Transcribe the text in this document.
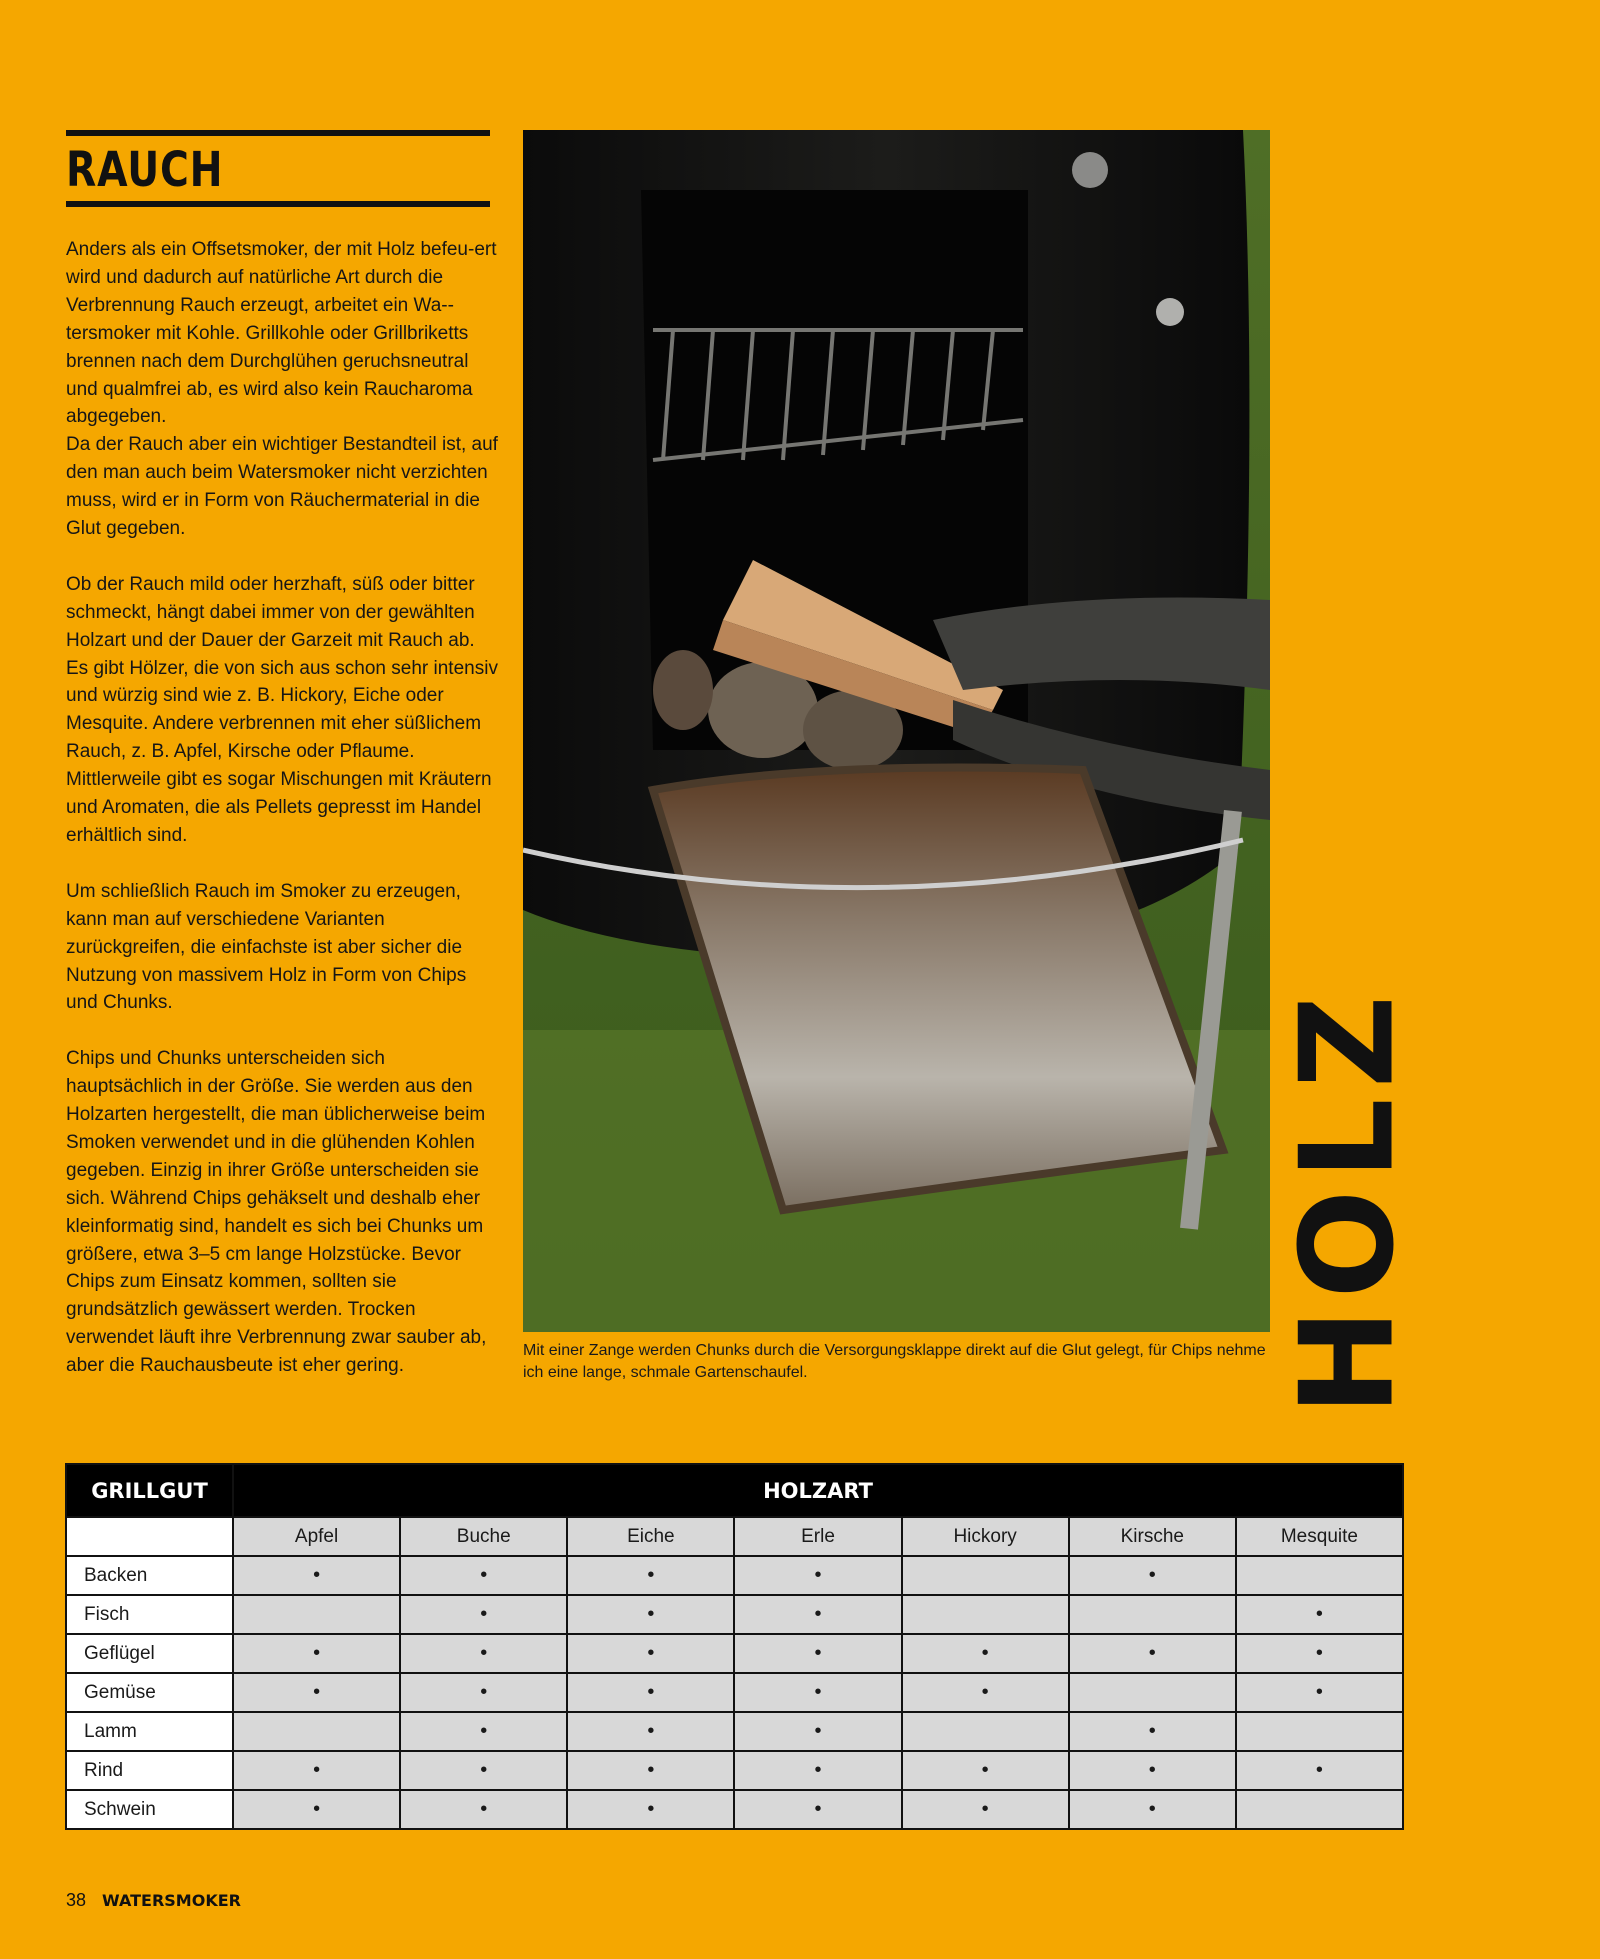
RAUCH

Anders als ein Offsetsmoker, der mit Holz befeu-ert wird und dadurch auf natürliche Art durch die Verbrennung Rauch erzeugt, arbeitet ein Wa-tersmoker mit Kohle. Grillkohle oder Grillbriketts brennen nach dem Durchglühen geruchsneutral und qualmfrei ab, es wird also kein Raucharoma abgegeben.

Da der Rauch aber ein wichtiger Bestandteil ist, auf den man auch beim Watersmoker nicht verzichten muss, wird er in Form von Räuchermaterial in die Glut gegeben.

Ob der Rauch mild oder herzhaft, süß oder bitter schmeckt, hängt dabei immer von der gewählten Holzart und der Dauer der Garzeit mit Rauch ab. Es gibt Hölzer, die von sich aus schon sehr intensiv und würzig sind wie z. B. Hickory, Eiche oder Mesquite. Andere verbrennen mit eher süßlichem Rauch, z. B. Apfel, Kirsche oder Pflaume. Mittlerweile gibt es sogar Mischungen mit Kräutern und Aromaten, die als Pellets gepresst im Handel erhältlich sind.

Um schließlich Rauch im Smoker zu erzeugen, kann man auf verschiedene Varianten zurückgreifen, die einfachste ist aber sicher die Nutzung von massivem Holz in Form von Chips und Chunks.

Chips und Chunks unterscheiden sich hauptsächlich in der Größe. Sie werden aus den Holzarten hergestellt, die man üblicherweise beim Smoken verwendet und in die glühenden Kohlen gegeben. Einzig in ihrer Größe unterscheiden sie sich. Während Chips gehäkselt und deshalb eher kleinformatig sind, handelt es sich bei Chunks um größere, etwa 3–5 cm lange Holzstücke. Bevor Chips zum Einsatz kommen, sollten sie grundsätzlich gewässert werden. Trocken verwendet läuft ihre Verbrennung zwar sauber ab, aber die Rauchausbeute ist eher gering.

Mit einer Zange werden Chunks durch die Versorgungsklappe direkt auf die Glut gelegt, für Chips nehme ich eine lange, schmale Gartenschaufel.	HOLZ
GRILLGUT	HOLZART						
	Apfel	Buche	Eiche	Erle	Hickory	Kirsche	Mesquite
Backen	•	•	•	•		•	
Fisch		•	•	•			•
Geflügel	•	•	•	•	•	•	•
Gemüse	•	•	•	•	•		•
Lamm		•	•	•		•	
Rind	•	•	•	•	•	•	•
Schwein	•	•	•	•	•	•	
38 WATERSMOKER
